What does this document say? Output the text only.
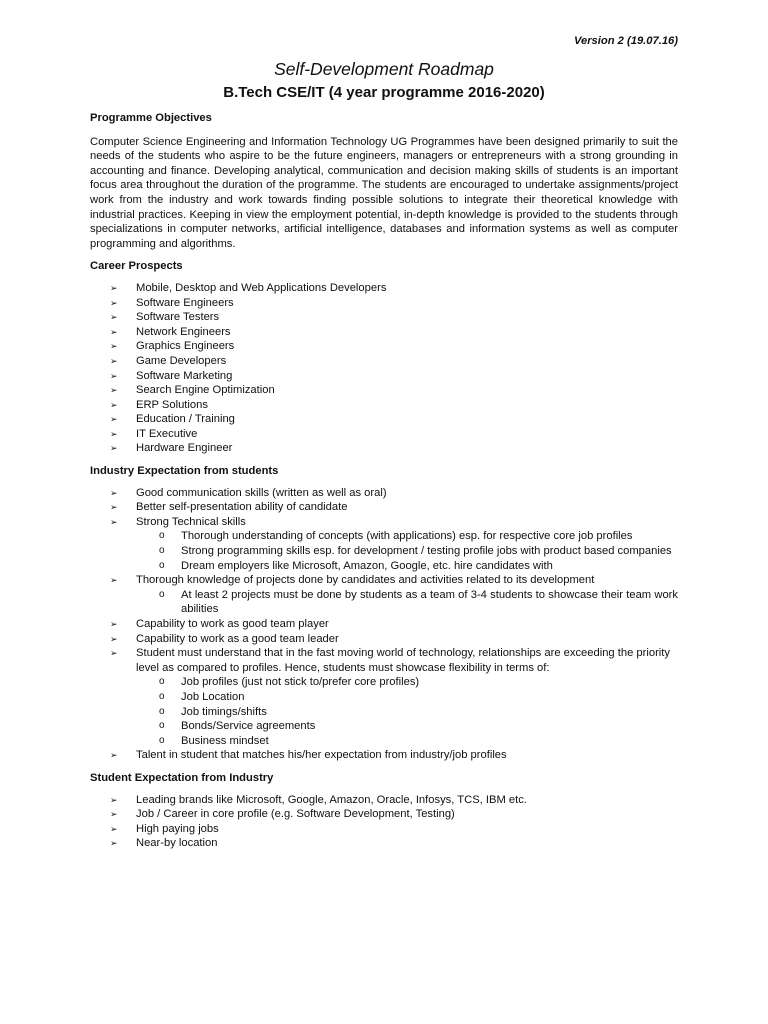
Version 2 (19.07.16)
Self-Development Roadmap
B.Tech CSE/IT (4 year programme 2016-2020)
Programme Objectives
Computer Science Engineering and Information Technology UG Programmes have been designed primarily to suit the needs of the students who aspire to be the future engineers, managers or entrepreneurs with a strong grounding in accounting and finance. Developing analytical, communication and decision making skills of students is an important focus area throughout the duration of the programme. The students are encouraged to undertake assignments/project work from the industry and work towards finding possible solutions to integrate their theoretical knowledge with industrial practices. Keeping in view the employment potential, in-depth knowledge is provided to the students through specializations in computer networks, artificial intelligence, databases and information systems as well as computer programming and algorithms.
Career Prospects
➢ Mobile, Desktop and Web Applications Developers
➢ Software Engineers
➢ Software Testers
➢ Network Engineers
➢ Graphics Engineers
➢ Game Developers
➢ Software Marketing
➢ Search Engine Optimization
➢ ERP Solutions
➢ Education / Training
➢ IT Executive
➢ Hardware Engineer
Industry Expectation from students
➢ Good communication skills (written as well as oral)
➢ Better self-presentation ability of candidate
➢ Strong Technical skills
o Thorough understanding of concepts (with applications) esp. for respective core job profiles
o Strong programming skills esp. for development / testing profile jobs with product based companies
o Dream employers like Microsoft, Amazon, Google, etc. hire candidates with
➢ Thorough knowledge of projects done by candidates and activities related to its development
o At least 2 projects must be done by students as a team of 3-4 students to showcase their team work abilities
➢ Capability to work as good team player
➢ Capability to work as a good team leader
➢ Student must understand that in the fast moving world of technology, relationships are exceeding the priority level as compared to profiles. Hence, students must showcase flexibility in terms of:
o Job profiles (just not stick to/prefer core profiles)
o Job Location
o Job timings/shifts
o Bonds/Service agreements
o Business mindset
➢ Talent in student that matches his/her expectation from industry/job profiles
Student Expectation from Industry
➢ Leading brands like Microsoft, Google, Amazon, Oracle, Infosys, TCS, IBM etc.
➢ Job / Career in core profile (e.g. Software Development, Testing)
➢ High paying jobs
➢ Near-by location
